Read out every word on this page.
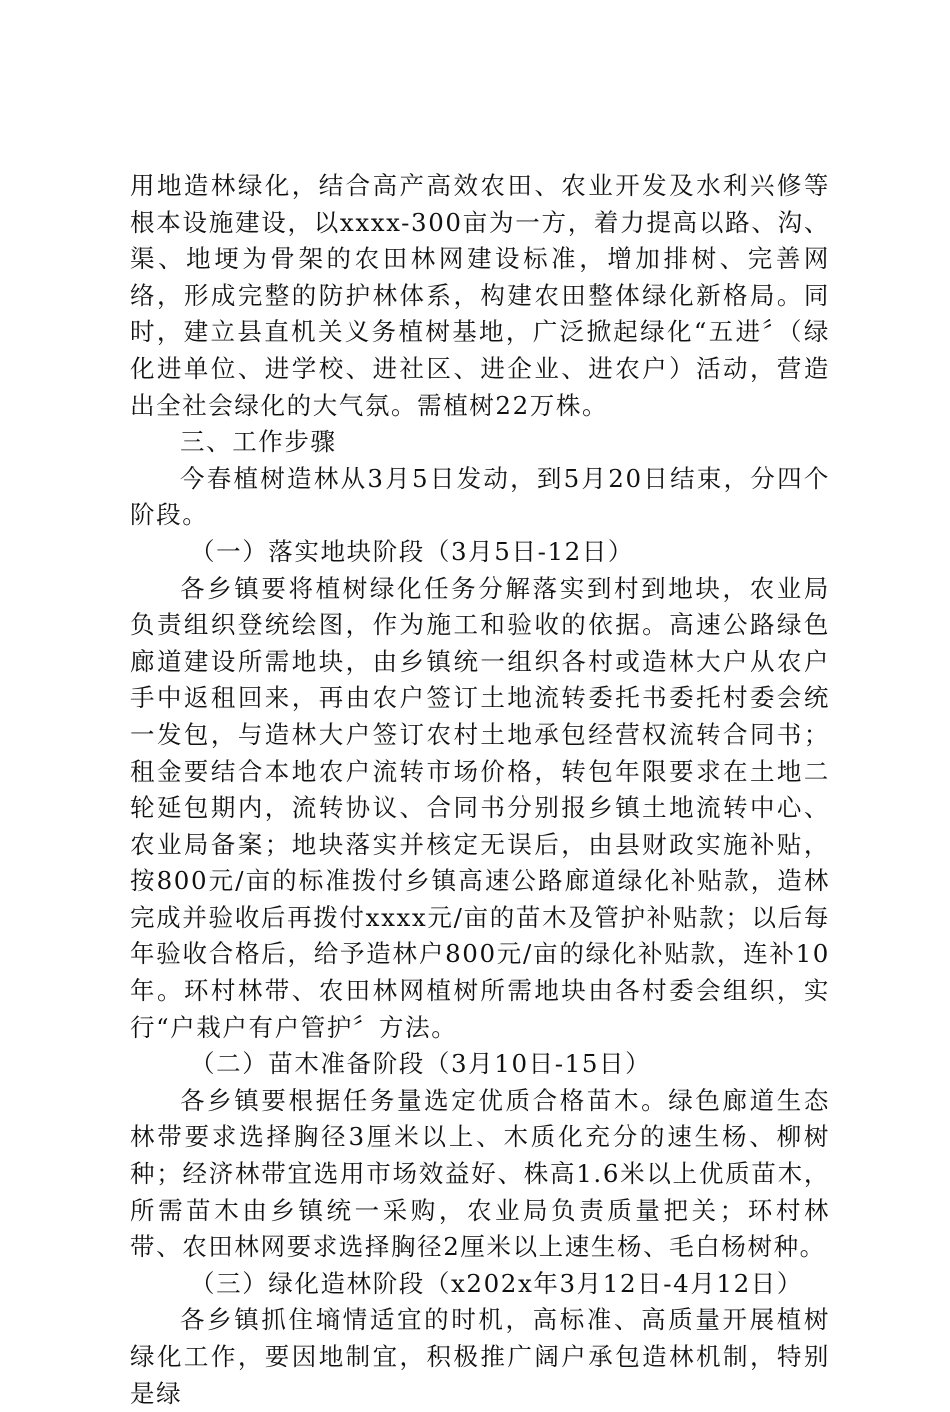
用地造林绿化，结合高产高效农田、农业开发及水利兴修等根本设施建设，以xxxx-300亩为一方，着力提高以路、沟、渠、地埂为骨架的农田林网建设标准，增加排树、完善网络，形成完整的防护林体系，构建农田整体绿化新格局。同时，建立县直机关义务植树基地，广泛掀起绿化“五进〞（绿化进单位、进学校、进社区、进企业、进农户）活动，营造出全社会绿化的大气氛。需植树22万株。

三、工作步骤

今春植树造林从3月5日发动，到5月20日结束，分四个阶段。

（一）落实地块阶段（3月5日-12日）

各乡镇要将植树绿化任务分解落实到村到地块，农业局负责组织登统绘图，作为施工和验收的依据。高速公路绿色廊道建设所需地块，由乡镇统一组织各村或造林大户从农户手中返租回来，再由农户签订土地流转委托书委托村委会统一发包，与造林大户签订农村土地承包经营权流转合同书；租金要结合本地农户流转市场价格，转包年限要求在土地二轮延包期内，流转协议、合同书分别报乡镇土地流转中心、农业局备案；地块落实并核定无误后，由县财政实施补贴，按800元/亩的标准拨付乡镇高速公路廊道绿化补贴款，造林完成并验收后再拨付xxxx元/亩的苗木及管护补贴款；以后每年验收合格后，给予造林户800元/亩的绿化补贴款，连补10年。环村林带、农田林网植树所需地块由各村委会组织，实行“户栽户有户管护〞方法。

（二）苗木准备阶段（3月10日-15日）

各乡镇要根据任务量选定优质合格苗木。绿色廊道生态林带要求选择胸径3厘米以上、木质化充分的速生杨、柳树种；经济林带宜选用市场效益好、株高1.6米以上优质苗木，所需苗木由乡镇统一采购，农业局负责质量把关；环村林带、农田林网要求选择胸径2厘米以上速生杨、毛白杨树种。

（三）绿化造林阶段（x202x年3月12日-4月12日）

各乡镇抓住墒情适宜的时机，高标准、高质量开展植树绿化工作，要因地制宜，积极推广阔户承包造林机制，特别是绿
